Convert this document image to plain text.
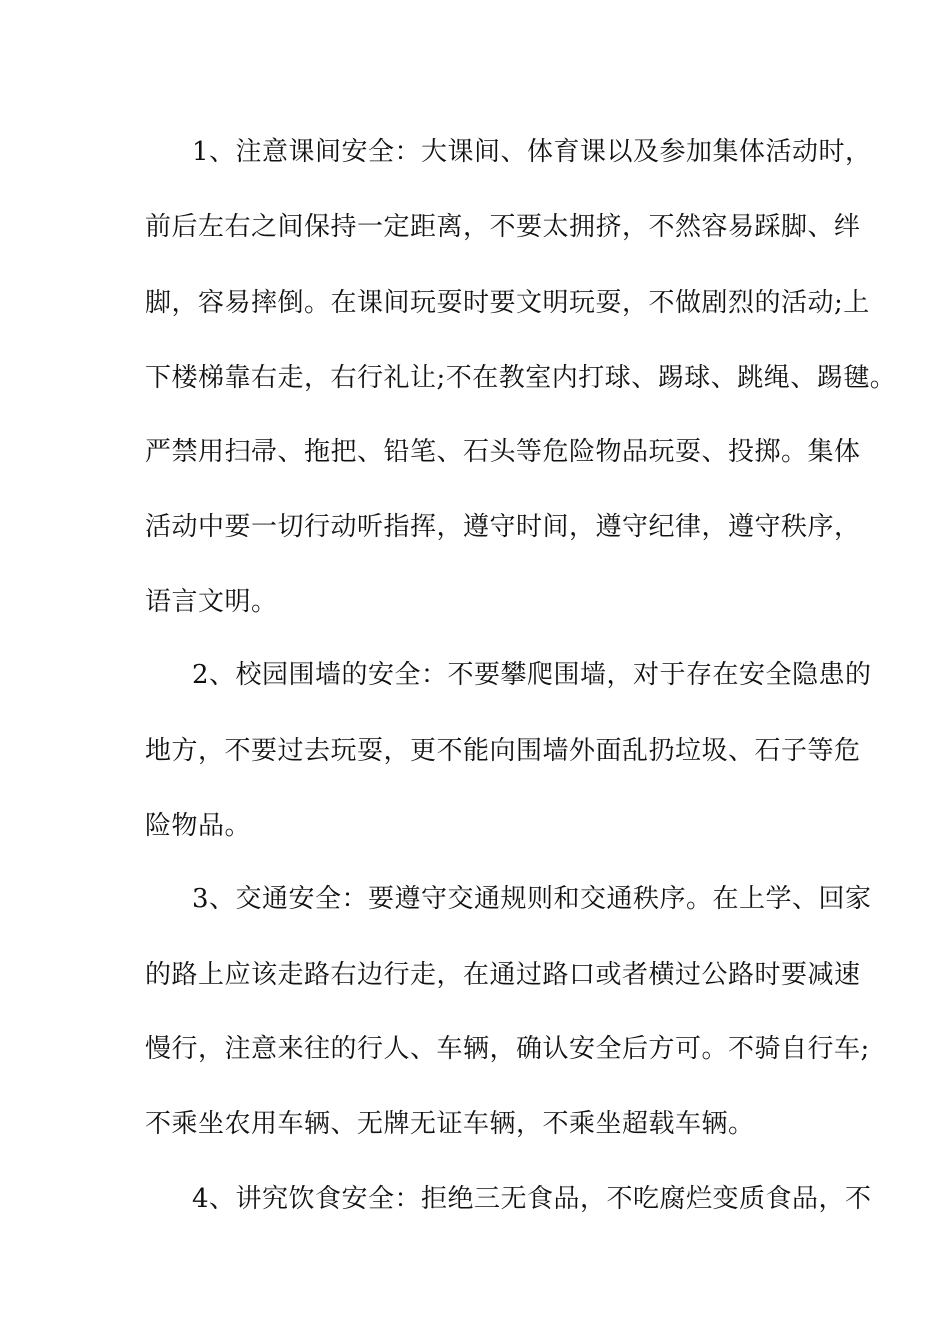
1、注意课间安全：大课间、体育课以及参加集体活动时，
前后左右之间保持一定距离，不要太拥挤，不然容易踩脚、绊
脚，容易摔倒。在课间玩耍时要文明玩耍，不做剧烈的活动;上
下楼梯靠右走，右行礼让;不在教室内打球、踢球、跳绳、踢毽。
严禁用扫帚、拖把、铅笔、石头等危险物品玩耍、投掷。集体
活动中要一切行动听指挥，遵守时间，遵守纪律，遵守秩序，
语言文明。
2、校园围墙的安全：不要攀爬围墙，对于存在安全隐患的
地方，不要过去玩耍，更不能向围墙外面乱扔垃圾、石子等危
险物品。
3、交通安全：要遵守交通规则和交通秩序。在上学、回家
的路上应该走路右边行走，在通过路口或者横过公路时要减速
慢行，注意来往的行人、车辆，确认安全后方可。不骑自行车;
不乘坐农用车辆、无牌无证车辆，不乘坐超载车辆。
4、讲究饮食安全：拒绝三无食品，不吃腐烂变质食品，不
